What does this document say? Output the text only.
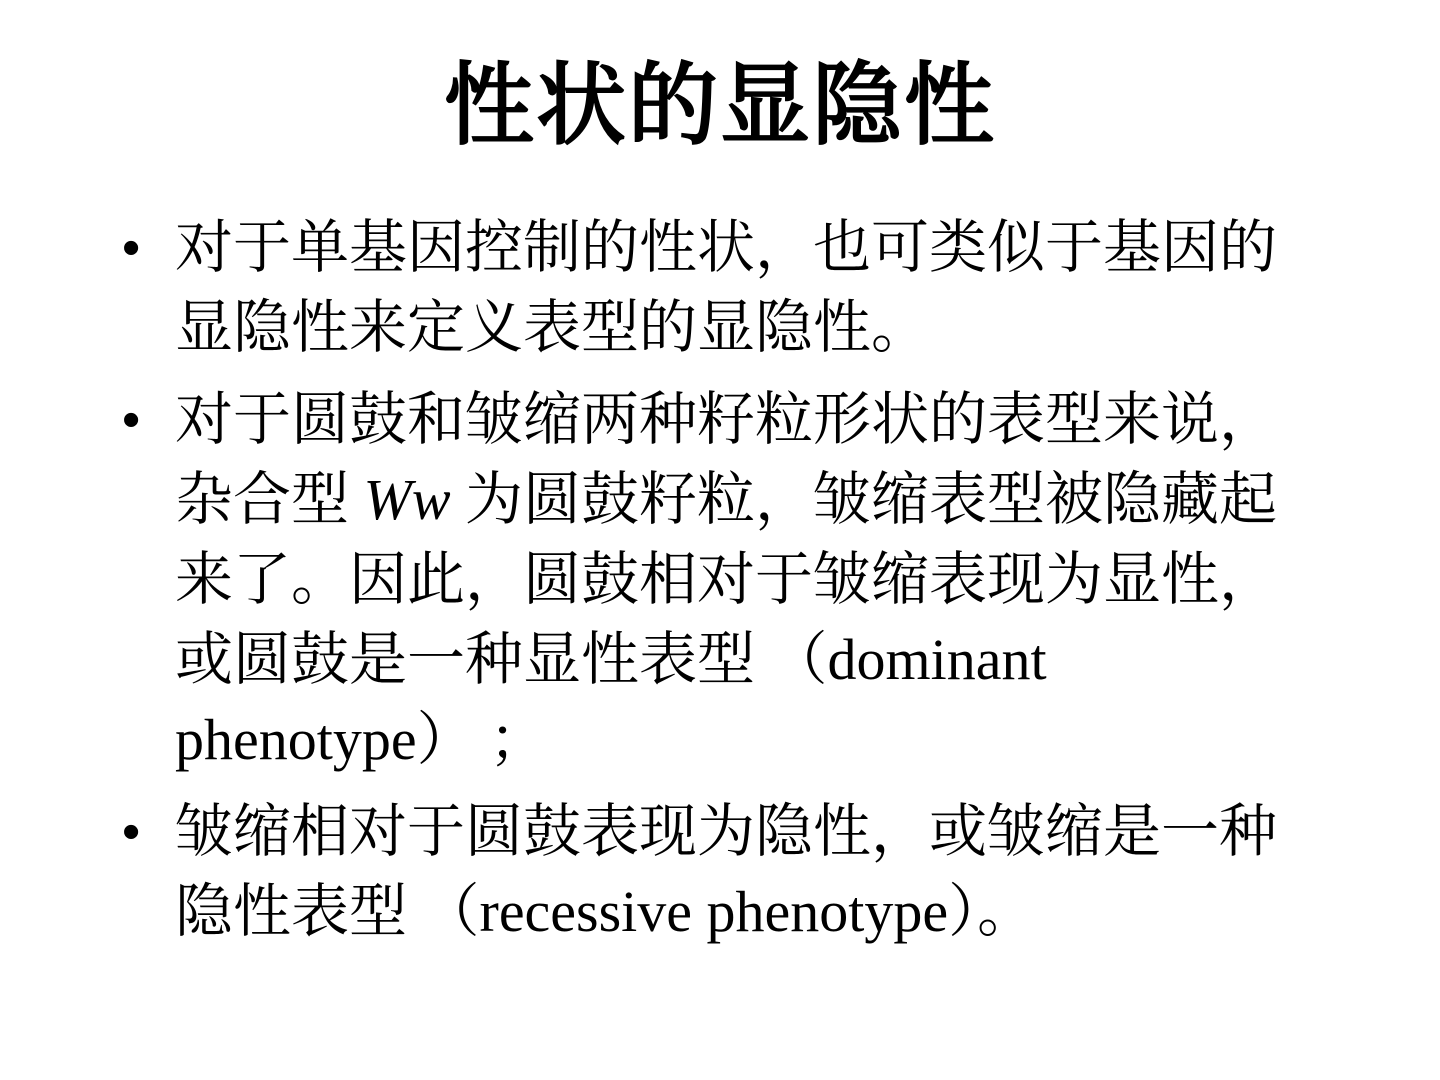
性状的显隐性
• 对于单基因控制的性状，也可类似于基因的显隐性来定义表型的显隐性。
• 对于圆鼓和皱缩两种籽粒形状的表型来说，杂合型 Ww 为圆鼓籽粒，皱缩表型被隐藏起来了。因此，圆鼓相对于皱缩表现为显性，或圆鼓是一种显性表型 （dominant phenotype） ；
• 皱缩相对于圆鼓表现为隐性，或皱缩是一种隐性表型 （recessive phenotype）。
